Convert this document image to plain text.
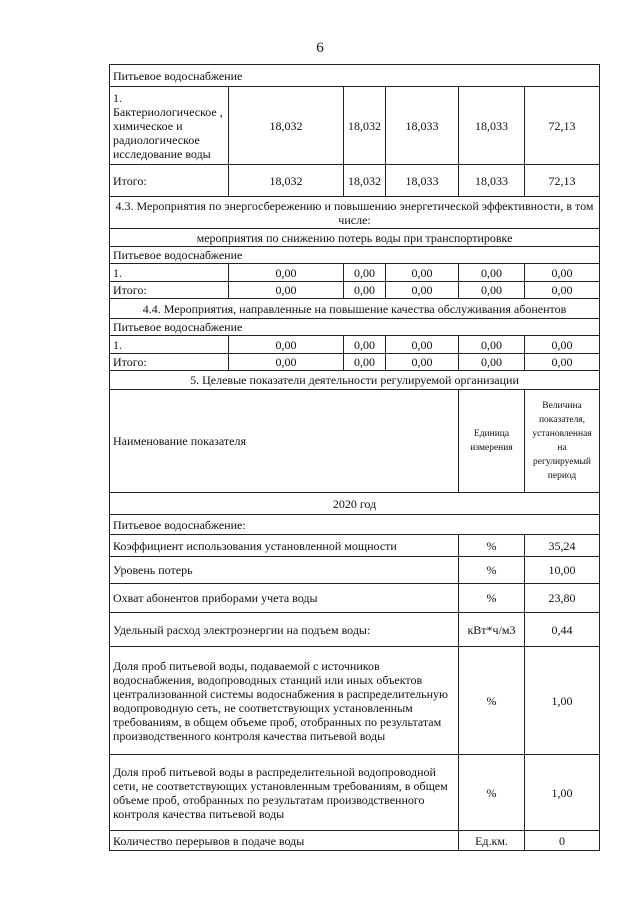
6
Питьевое водоснабжение					

1.
Бактериологическое , химическое и радиологическое исследование воды	18,032	18,032	18,033	18,033	72,13
Итого:	18,032	18,032	18,033	18,033	72,13
4.3. Мероприятия по энергосбережению и повышению энергетической эффективности, в том числе:					
мероприятия по снижению потерь воды при транспортировке					
Питьевое водоснабжение					
1.	0,00	0,00	0,00	0,00	0,00
Итого:	0,00	0,00	0,00	0,00	0,00
4.4. Мероприятия, направленные на повышение качества обслуживания абонентов					
Питьевое водоснабжение					
1.	0,00	0,00	0,00	0,00	0,00
Итого:	0,00	0,00	0,00	0,00	0,00
5. Целевые показатели деятельности регулируемой организации					
Наименование показателя				Единица измерения	Величина показателя, установленная на регулируемый период
2020 год					
Питьевое водоснабжение:					
Коэффициент использования установленной мощности				%	35,24
Уровень потерь				%	10,00
Охват абонентов приборами учета воды				%	23,80
Удельный расход электроэнергии на подъем воды:				кВт*ч/м3	0,44
Доля проб питьевой воды, подаваемой с источников водоснабжения, водопроводных станций или иных объектов централизованной системы водоснабжения в распределительную водопроводную сеть, не соответствующих установленным требованиям, в общем объеме проб, отобранных по результатам производственного контроля качества питьевой воды				%	1,00
Доля проб питьевой воды в распределительной водопроводной сети, не соответствующих установленным требованиям, в общем объеме проб, отобранных по результатам производственного контроля качества питьевой воды				%	1,00
Количество перерывов в подаче воды				Ед.км.	0
